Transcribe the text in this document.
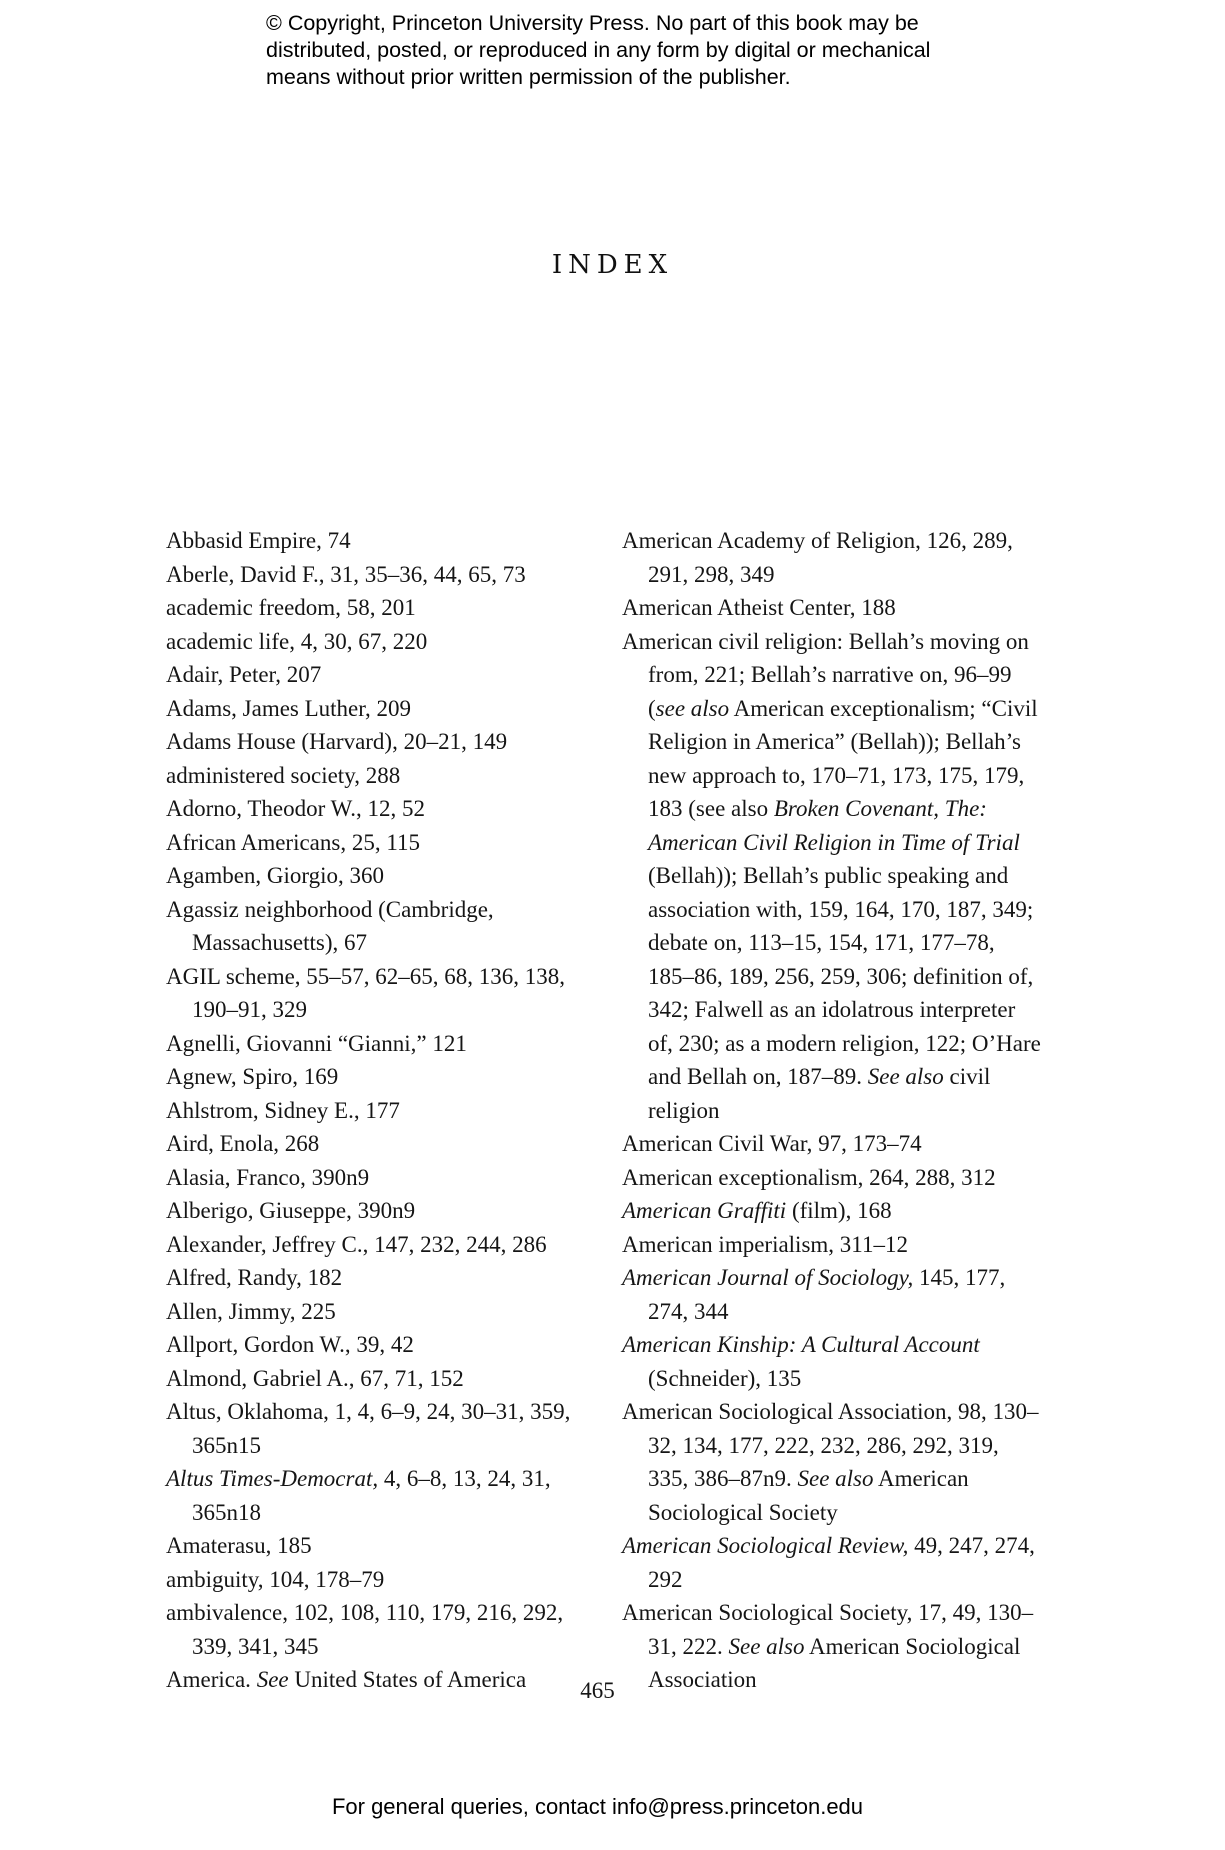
© Copyright, Princeton University Press. No part of this book may be
distributed, posted, or reproduced in any form by digital or mechanical
means without prior written permission of the publisher.
INDEX
Abbasid Empire, 74
Aberle, David F., 31, 35–36, 44, 65, 73
academic freedom, 58, 201
academic life, 4, 30, 67, 220
Adair, Peter, 207
Adams, James Luther, 209
Adams House (Harvard), 20–21, 149
administered society, 288
Adorno, Theodor W., 12, 52
African Americans, 25, 115
Agamben, Giorgio, 360
Agassiz neighborhood (Cambridge, Massachusetts), 67
AGIL scheme, 55–57, 62–65, 68, 136, 138, 190–91, 329
Agnelli, Giovanni “Gianni,” 121
Agnew, Spiro, 169
Ahlstrom, Sidney E., 177
Aird, Enola, 268
Alasia, Franco, 390n9
Alberigo, Giuseppe, 390n9
Alexander, Jeffrey C., 147, 232, 244, 286
Alfred, Randy, 182
Allen, Jimmy, 225
Allport, Gordon W., 39, 42
Almond, Gabriel A., 67, 71, 152
Altus, Oklahoma, 1, 4, 6–9, 24, 30–31, 359, 365n15
Altus Times-Democrat, 4, 6–8, 13, 24, 31, 365n18
Amaterasu, 185
ambiguity, 104, 178–79
ambivalence, 102, 108, 110, 179, 216, 292, 339, 341, 345
America. See United States of America
American Academy of Religion, 126, 289, 291, 298, 349
American Atheist Center, 188
American civil religion: Bellah’s moving on from, 221; Bellah’s narrative on, 96–99 (see also American exceptionalism; “Civil Religion in America” (Bellah)); Bellah’s new approach to, 170–71, 173, 175, 179, 183 (see also Broken Covenant, The: American Civil Religion in Time of Trial (Bellah)); Bellah’s public speaking and association with, 159, 164, 170, 187, 349; debate on, 113–15, 154, 171, 177–78, 185–86, 189, 256, 259, 306; definition of, 342; Falwell as an idolatrous interpreter of, 230; as a modern religion, 122; O’Hare and Bellah on, 187–89. See also civil religion
American Civil War, 97, 173–74
American exceptionalism, 264, 288, 312
American Graffiti (film), 168
American imperialism, 311–12
American Journal of Sociology, 145, 177, 274, 344
American Kinship: A Cultural Account (Schneider), 135
American Sociological Association, 98, 130–32, 134, 177, 222, 232, 286, 292, 319, 335, 386–87n9. See also American Sociological Society
American Sociological Review, 49, 247, 274, 292
American Sociological Society, 17, 49, 130–31, 222. See also American Sociological Association
465
For general queries, contact info@press.princeton.edu
